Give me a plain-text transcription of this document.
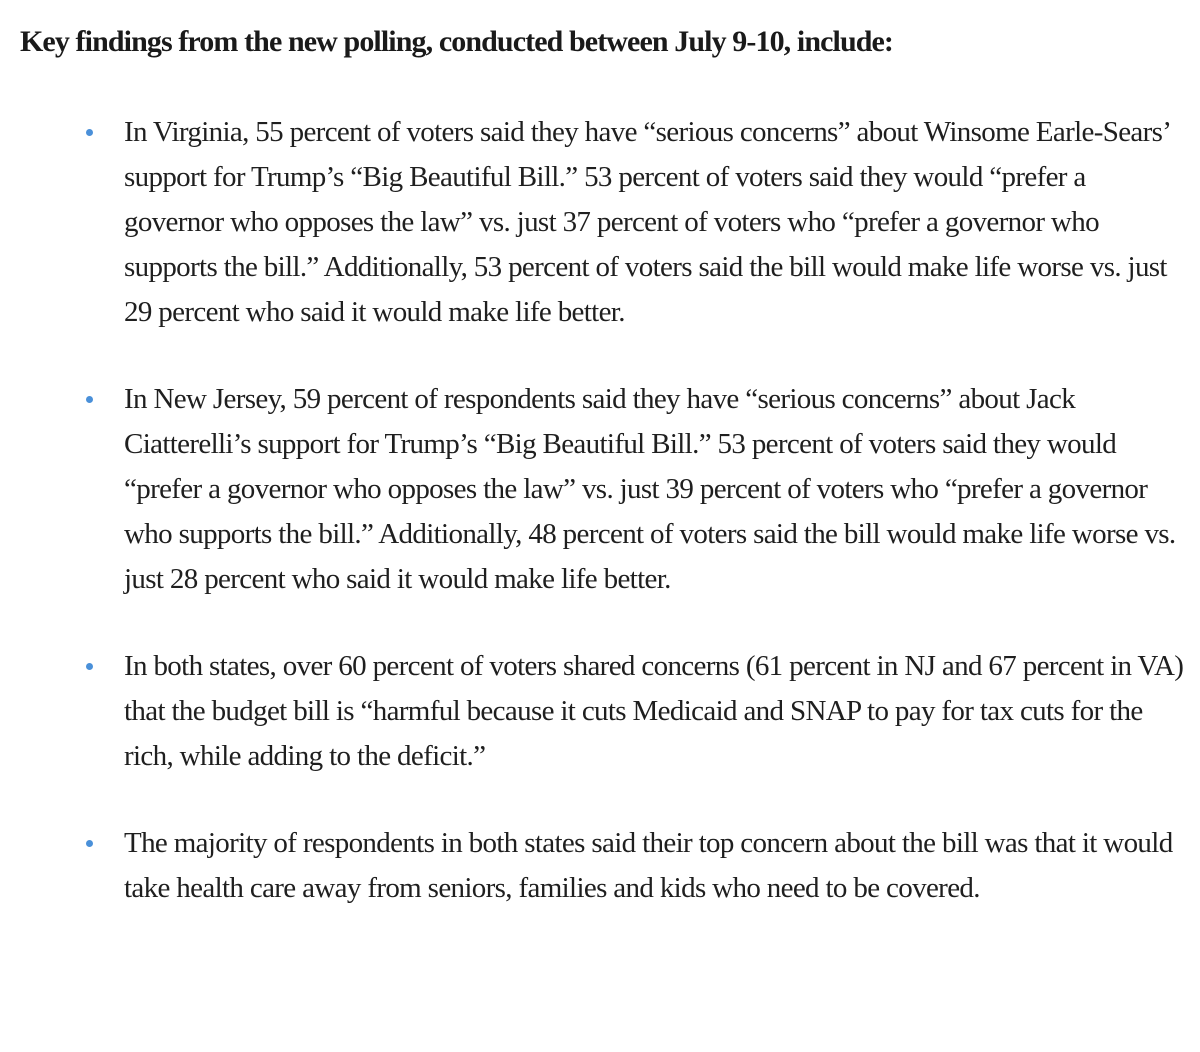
Key findings from the new polling, conducted between July 9-10, include:
In Virginia, 55 percent of voters said they have “serious concerns” about Winsome Earle-Sears’ support for Trump’s “Big Beautiful Bill.” 53 percent of voters said they would “prefer a governor who opposes the law” vs. just 37 percent of voters who “prefer a governor who supports the bill.” Additionally, 53 percent of voters said the bill would make life worse vs. just 29 percent who said it would make life better.
In New Jersey, 59 percent of respondents said they have “serious concerns” about Jack Ciatterelli’s support for Trump’s “Big Beautiful Bill.” 53 percent of voters said they would “prefer a governor who opposes the law” vs. just 39 percent of voters who “prefer a governor who supports the bill.” Additionally, 48 percent of voters said the bill would make life worse vs. just 28 percent who said it would make life better.
In both states, over 60 percent of voters shared concerns (61 percent in NJ and 67 percent in VA) that the budget bill is “harmful because it cuts Medicaid and SNAP to pay for tax cuts for the rich, while adding to the deficit.”
The majority of respondents in both states said their top concern about the bill was that it would take health care away from seniors, families and kids who need to be covered.
